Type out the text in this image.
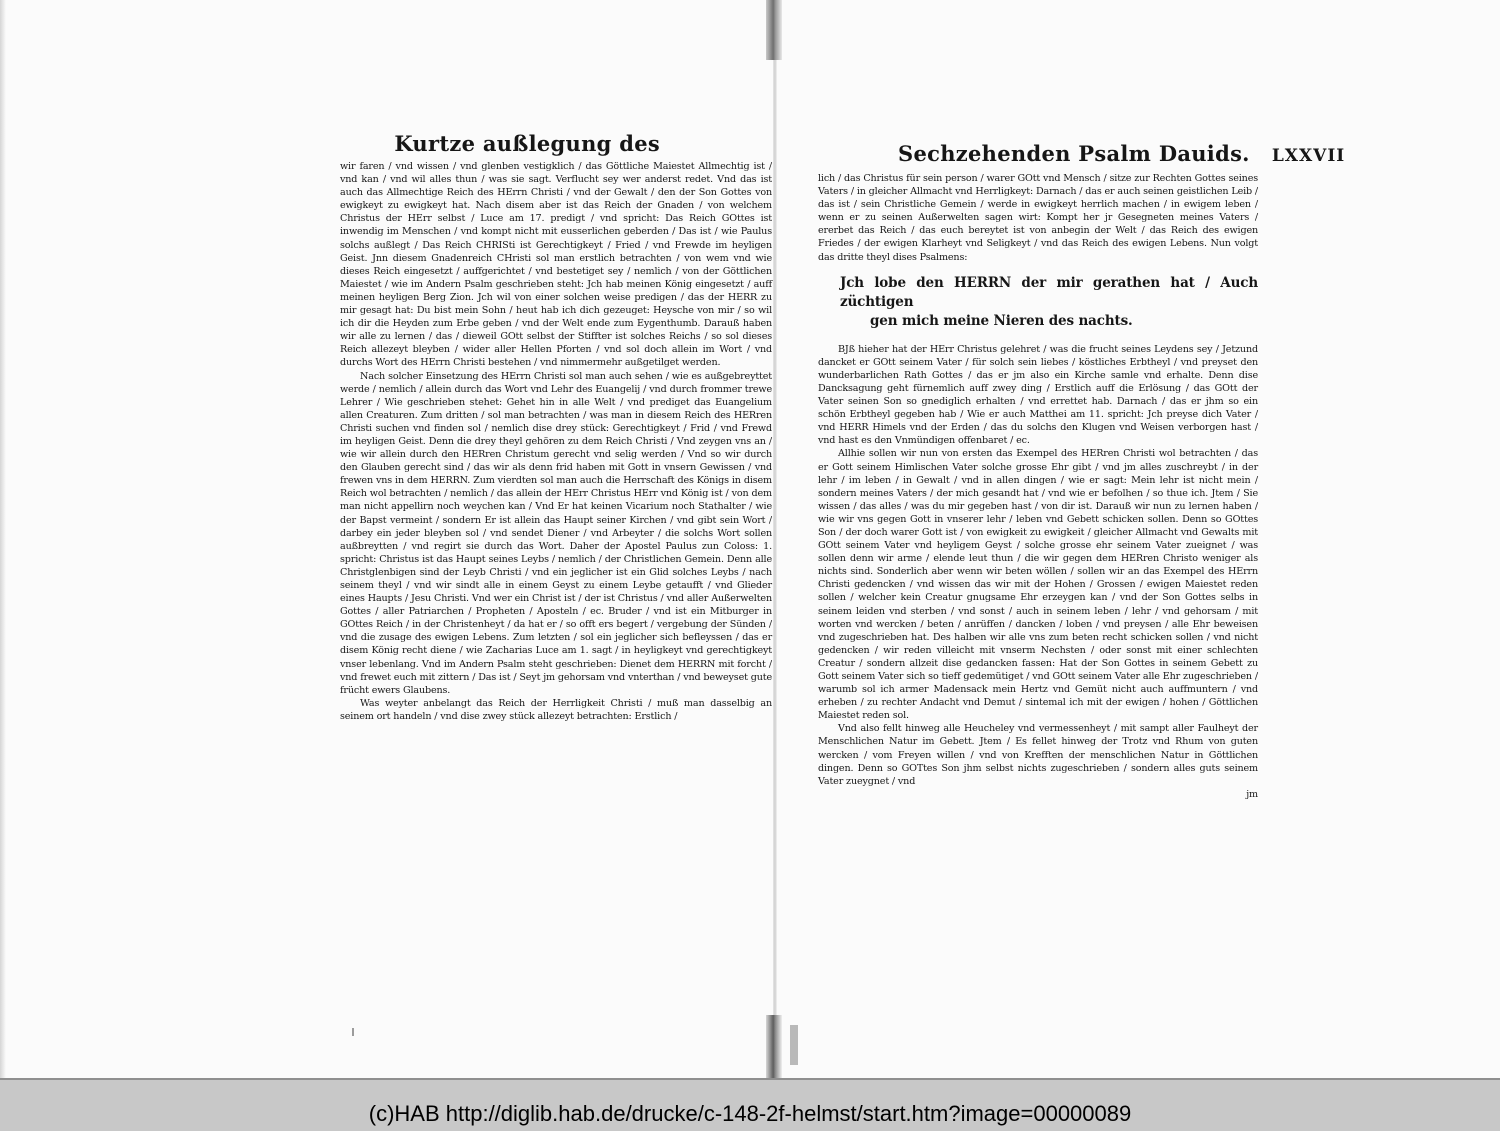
Kurtze außlegung des

wir faren / vnd wissen / vnd glenben vestigklich / das Göttliche Maiestet Allmechtig ist / vnd kan / vnd wil alles thun / was sie sagt. Verflucht sey wer anderst redet. Vnd das ist auch das Allmechtige Reich des HErrn Christi / vnd der Gewalt / den der Son Gottes von ewigkeyt zu ewigkeyt hat. Nach disem aber ist das Reich der Gnaden / von welchem Christus der HErr selbst / Luce am 17. predigt / vnd spricht: Das Reich GOttes ist inwendig im Menschen / vnd kompt nicht mit eusserlichen geberden / Das ist / wie Paulus solchs außlegt / Das Reich CHRISti ist Gerechtigkeyt / Fried / vnd Frewde im heyligen Geist. Jnn diesem Gnadenreich CHristi sol man erstlich betrachten / von wem vnd wie dieses Reich eingesetzt / auffgerichtet / vnd bestetiget sey / nemlich / von der Göttlichen Maiestet / wie im Andern Psalm geschrieben steht: Jch hab meinen König eingesetzt / auff meinen heyligen Berg Zion. Jch wil von einer solchen weise predigen / das der HERR zu mir gesagt hat: Du bist mein Sohn / heut hab ich dich gezeuget: Heysche von mir / so wil ich dir die Heyden zum Erbe geben / vnd der Welt ende zum Eygenthumb. Darauß haben wir alle zu lernen / das / dieweil GOtt selbst der Stiffter ist solches Reichs / so sol dieses Reich allezeyt bleyben / wider aller Hellen Pforten / vnd sol doch allein im Wort / vnd durchs Wort des HErrn Christi bestehen / vnd nimmermehr außgetilget werden.

Nach solcher Einsetzung des HErrn Christi sol man auch sehen / wie es außgebreyttet werde / nemlich / allein durch das Wort vnd Lehr des Euangelij / vnd durch frommer trewe Lehrer / Wie geschrieben stehet: Gehet hin in alle Welt / vnd prediget das Euangelium allen Creaturen. Zum dritten / sol man betrachten / was man in diesem Reich des HERren Christi suchen vnd finden sol / nemlich dise drey stück: Gerechtigkeyt / Frid / vnd Frewd im heyligen Geist. Denn die drey theyl gehören zu dem Reich Christi / Vnd zeygen vns an / wie wir allein durch den HERren Christum gerecht vnd selig werden / Vnd so wir durch den Glauben gerecht sind / das wir als denn frid haben mit Gott in vnsern Gewissen / vnd frewen vns in dem HERRN. Zum vierdten sol man auch die Herrschaft des Königs in disem Reich wol betrachten / nemlich / das allein der HErr Christus HErr vnd König ist / von dem man nicht appellirn noch weychen kan / Vnd Er hat keinen Vicarium noch Stathalter / wie der Bapst vermeint / sondern Er ist allein das Haupt seiner Kirchen / vnd gibt sein Wort / darbey ein jeder bleyben sol / vnd sendet Diener / vnd Arbeyter / die solchs Wort sollen außbreytten / vnd regirt sie durch das Wort. Daher der Apostel Paulus zun Coloss: 1. spricht: Christus ist das Haupt seines Leybs / nemlich / der Christlichen Gemein. Denn alle Christglenbigen sind der Leyb Christi / vnd ein jeglicher ist ein Glid solches Leybs / nach seinem theyl / vnd wir sindt alle in einem Geyst zu einem Leybe getaufft / vnd Glieder eines Haupts / Jesu Christi. Vnd wer ein Christ ist / der ist Christus / vnd aller Außerwelten Gottes / aller Patriarchen / Propheten / Aposteln / ec. Bruder / vnd ist ein Mitburger in GOttes Reich / in der Christenheyt / da hat er / so offt ers begert / vergebung der Sünden / vnd die zusage des ewigen Lebens. Zum letzten / sol ein jeglicher sich befleyssen / das er disem König recht diene / wie Zacharias Luce am 1. sagt / in heyligkeyt vnd gerechtigkeyt vnser lebenlang. Vnd im Andern Psalm steht geschrieben: Dienet dem HERRN mit forcht / vnd frewet euch mit zittern / Das ist / Seyt jm gehorsam vnd vnterthan / vnd beweyset gute frücht ewers Glaubens.

Was weyter anbelangt das Reich der Herrligkeit Christi / muß man dasselbig an seinem ort handeln / vnd dise zwey stück allezeyt betrachten: Erstlich /

Sechzehenden Psalm Dauids. LXXVII

lich / das Christus für sein person / warer GOtt vnd Mensch / sitze zur Rechten Gottes seines Vaters / in gleicher Allmacht vnd Herrligkeyt: Darnach / das er auch seinen geistlichen Leib / das ist / sein Christliche Gemein / werde in ewigkeyt herrlich machen / in ewigem leben / wenn er zu seinen Außerwelten sagen wirt: Kompt her jr Gesegneten meines Vaters / ererbet das Reich / das euch bereytet ist von anbegin der Welt / das Reich des ewigen Friedes / der ewigen Klarheyt vnd Seligkeyt / vnd das Reich des ewigen Lebens. Nun volgt das dritte theyl dises Psalmens:

Jch lobe den HERRN der mir gerathen hat / Auch züchtigen
gen mich meine Nieren des nachts.

BJß hieher hat der HErr Christus gelehret / was die frucht seines Leydens sey / Jetzund dancket er GOtt seinem Vater / für solch sein liebes / köstliches Erbtheyl / vnd preyset den wunderbarlichen Rath Gottes / das er jm also ein Kirche samle vnd erhalte. Denn dise Dancksagung geht fürnemlich auff zwey ding / Erstlich auff die Erlösung / das GOtt der Vater seinen Son so gnediglich erhalten / vnd errettet hab. Darnach / das er jhm so ein schön Erbtheyl gegeben hab / Wie er auch Matthei am 11. spricht: Jch preyse dich Vater / vnd HERR Himels vnd der Erden / das du solchs den Klugen vnd Weisen verborgen hast / vnd hast es den Vnmündigen offenbaret / ec.

Allhie sollen wir nun von ersten das Exempel des HERren Christi wol betrachten / das er Gott seinem Himlischen Vater solche grosse Ehr gibt / vnd jm alles zuschreybt / in der lehr / im leben / in Gewalt / vnd in allen dingen / wie er sagt: Mein lehr ist nicht mein / sondern meines Vaters / der mich gesandt hat / vnd wie er befolhen / so thue ich. Jtem / Sie wissen / das alles / was du mir gegeben hast / von dir ist. Darauß wir nun zu lernen haben / wie wir vns gegen Gott in vnserer lehr / leben vnd Gebett schicken sollen. Denn so GOttes Son / der doch warer Gott ist / von ewigkeit zu ewigkeit / gleicher Allmacht vnd Gewalts mit GOtt seinem Vater vnd heyligem Geyst / solche grosse ehr seinem Vater zueignet / was sollen denn wir arme / elende leut thun / die wir gegen dem HERren Christo weniger als nichts sind. Sonderlich aber wenn wir beten wöllen / sollen wir an das Exempel des HErrn Christi gedencken / vnd wissen das wir mit der Hohen / Grossen / ewigen Maiestet reden sollen / welcher kein Creatur gnugsame Ehr erzeygen kan / vnd der Son Gottes selbs in seinem leiden vnd sterben / vnd sonst / auch in seinem leben / lehr / vnd gehorsam / mit worten vnd wercken / beten / anrüffen / dancken / loben / vnd preysen / alle Ehr beweisen vnd zugeschrieben hat. Des halben wir alle vns zum beten recht schicken sollen / vnd nicht gedencken / wir reden villeicht mit vnserm Nechsten / oder sonst mit einer schlechten Creatur / sondern allzeit dise gedancken fassen: Hat der Son Gottes in seinem Gebett zu Gott seinem Vater sich so tieff gedemütiget / vnd GOtt seinem Vater alle Ehr zugeschrieben / warumb sol ich armer Madensack mein Hertz vnd Gemüt nicht auch auffmuntern / vnd erheben / zu rechter Andacht vnd Demut / sintemal ich mit der ewigen / hohen / Göttlichen Maiestet reden sol.

Vnd also fellt hinweg alle Heucheley vnd vermessenheyt / mit sampt aller Faulheyt der Menschlichen Natur im Gebett. Jtem / Es fellet hinweg der Trotz vnd Rhum von guten wercken / vom Freyen willen / vnd von Krefften der menschlichen Natur in Göttlichen dingen. Denn so GOTtes Son jhm selbst nichts zugeschrieben / sondern alles guts seinem Vater zueygnet / vnd

jm
(c)HAB http://diglib.hab.de/drucke/c-148-2f-helmst/start.htm?image=00000089
